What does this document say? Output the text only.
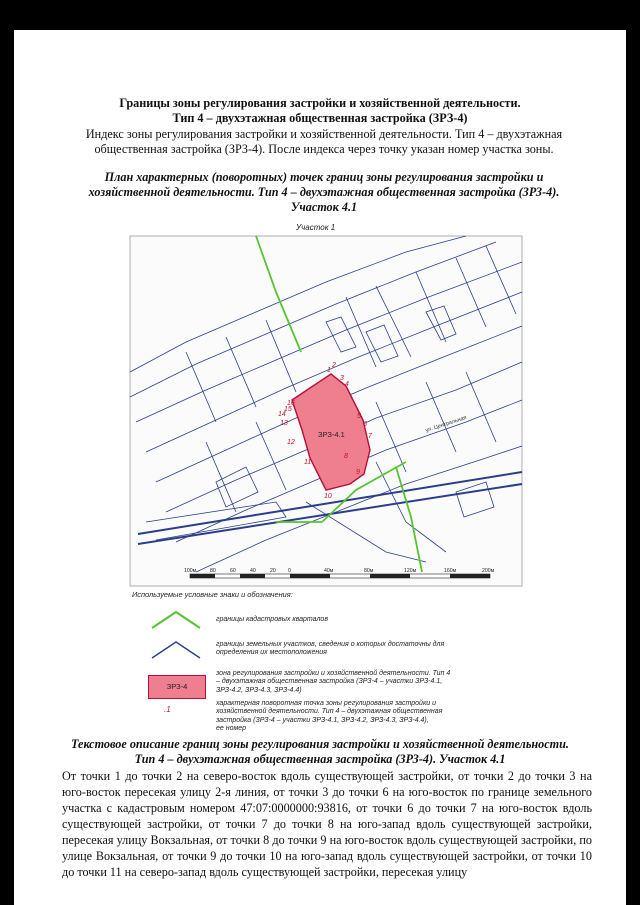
Границы зоны регулирования застройки и хозяйственной деятельности.
Тип 4 – двухэтажная общественная застройка (ЗРЗ-4)
Индекс зоны регулирования застройки и хозяйственной деятельности. Тип 4 – двухэтажная
общественная застройка (ЗРЗ-4). После индекса через точку указан номер участка зоны.
План характерных (поворотных) точек границ зоны регулирования застройки и
хозяйственной деятельности. Тип 4 – двухэтажная общественная застройка (ЗРЗ-4).
Участок 4.1
Участок 1
ЗРЗ-4.1
ул. Центральная
1
2
3
4
5
6
7
8
9
10
11
12
13
14
15
16
100м	80	60	40	20 0	40м	80м	120м	160м	200м
Используемые условные знаки и обозначения:
границы кадастровых кварталов
границы земельных участков, сведения о которых достаточны для
определения их местоположения
ЗРЗ-4
зона регулирования застройки и хозяйственной деятельности. Тип 4
– двухэтажная общественная застройка (ЗРЗ-4 – участки ЗРЗ-4.1,
ЗРЗ-4.2, ЗРЗ-4.3, ЗРЗ-4.4)
.1
характерная поворотная точка зоны регулирования застройки и
хозяйственной деятельности. Тип 4 – двухэтажная общественная
застройка (ЗРЗ-4 – участки ЗРЗ-4.1, ЗРЗ-4.2, ЗРЗ-4.3, ЗРЗ-4.4),
ее номер
Текстовое описание границ зоны регулирования застройки и хозяйственной деятельности.
Тип 4 – двухэтажная общественная застройка (ЗРЗ-4). Участок 4.1
От точки 1 до точки 2 на северо-восток вдоль существующей застройки, от точки 2 до точки 3 на юго-восток пересекая улицу 2-я линия, от точки 3 до точки 6 на юго-восток по границе земельного участка с кадастровым номером 47:07:0000000:93816, от точки 6 до точки 7 на юго-восток вдоль существующей застройки, от точки 7 до точки 8 на юго-запад вдоль существующей застройки, пересекая улицу Вокзальная, от точки 8 до точки 9 на юго-восток вдоль существующей застройки, по улице Вокзальная, от точки 9 до точки 10 на юго-запад вдоль существующей застройки, от точки 10 до точки 11 на северо-запад вдоль существующей застройки, пересекая улицу
